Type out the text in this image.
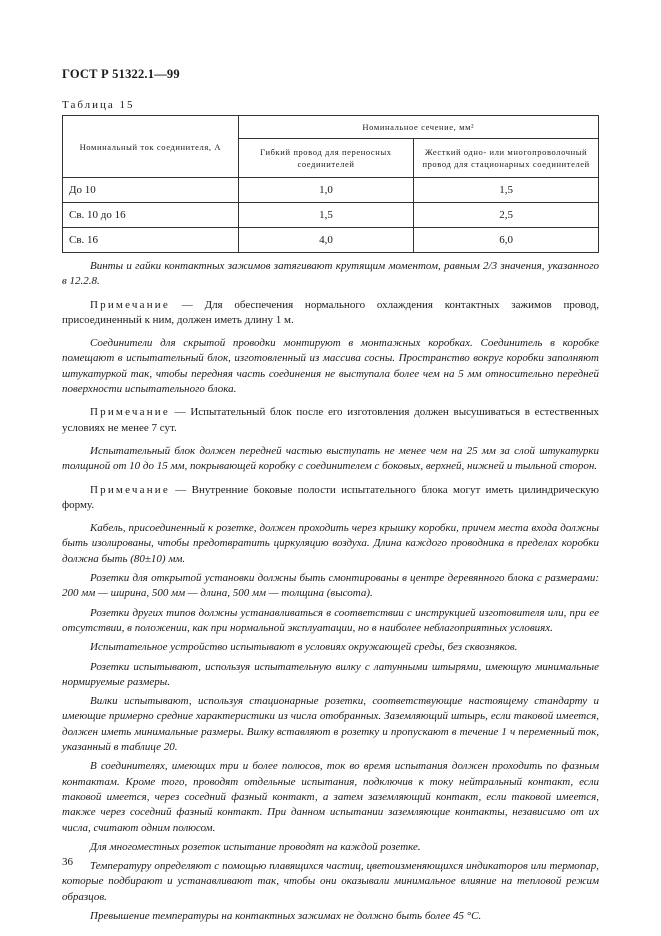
ГОСТ Р 51322.1—99
Таблица 15
Номинальный ток соединителя, А	Номинальное сечение, мм²	
	Гибкий провод для переносных соединителей	Жесткий одно- или многопроволочный провод для стационарных соединителей
До 10	1,0	1,5
Св. 10 до 16	1,5	2,5
Св. 16	4,0	6,0

Винты и гайки контактных зажимов затягивают крутящим моментом, равным 2/3 значения, указанного в 12.2.8.

Примечание — Для обеспечения нормального охлаждения контактных зажимов провод, присоединенный к ним, должен иметь длину 1 м.

Соединители для скрытой проводки монтируют в монтажных коробках. Соединитель в коробке помещают в испытательный блок, изготовленный из массива сосны. Пространство вокруг коробки заполняют штукатуркой так, чтобы передняя часть соединения не выступала более чем на 5 мм относительно передней поверхности испытательного блока.

Примечание — Испытательный блок после его изготовления должен высушиваться в естественных условиях не менее 7 сут.

Испытательный блок должен передней частью выступать не менее чем на 25 мм за слой штукатурки толщиной от 10 до 15 мм, покрывающей коробку с соединителем с боковых, верхней, нижней и тыльной сторон.

Примечание — Внутренние боковые полости испытательного блока могут иметь цилиндрическую форму.

Кабель, присоединенный к розетке, должен проходить через крышку коробки, причем места входа должны быть изолированы, чтобы предотвратить циркуляцию воздуха. Длина каждого проводника в пределах коробки должна быть (80±10) мм.

Розетки для открытой установки должны быть смонтированы в центре деревянного блока с размерами: 200 мм — ширина, 500 мм — длина, 500 мм — толщина (высота).

Розетки других типов должны устанавливаться в соответствии с инструкцией изготовителя или, при ее отсутствии, в положении, как при нормальной эксплуатации, но в наиболее неблагоприятных условиях.

Испытательное устройство испытывают в условиях окружающей среды, без сквозняков.

Розетки испытывают, используя испытательную вилку с латунными штырями, имеющую минимальные нормируемые размеры.

Вилки испытывают, используя стационарные розетки, соответствующие настоящему стандарту и имеющие примерно средние характеристики из числа отобранных. Заземляющий штырь, если таковой имеется, должен иметь минимальные размеры. Вилку вставляют в розетку и пропускают в течение 1 ч переменный ток, указанный в таблице 20.

В соединителях, имеющих три и более полюсов, ток во время испытания должен проходить по фазным контактам. Кроме того, проводят отдельные испытания, подключив к току нейтральный контакт, если таковой имеется, через соседний фазный контакт, а затем заземляющий контакт, если таковой имеется, также через соседний фазный контакт. При данном испытании заземляющие контакты, независимо от их числа, считают одним полюсом.

Для многоместных розеток испытание проводят на каждой розетке.

Температуру определяют с помощью плавящихся частиц, цветоизменяющихся индикаторов или термопар, которые подбирают и устанавливают так, чтобы они оказывали минимальное влияние на тепловой режим образцов.

Превышение температуры на контактных зажимах не должно быть более 45 °С.

36
